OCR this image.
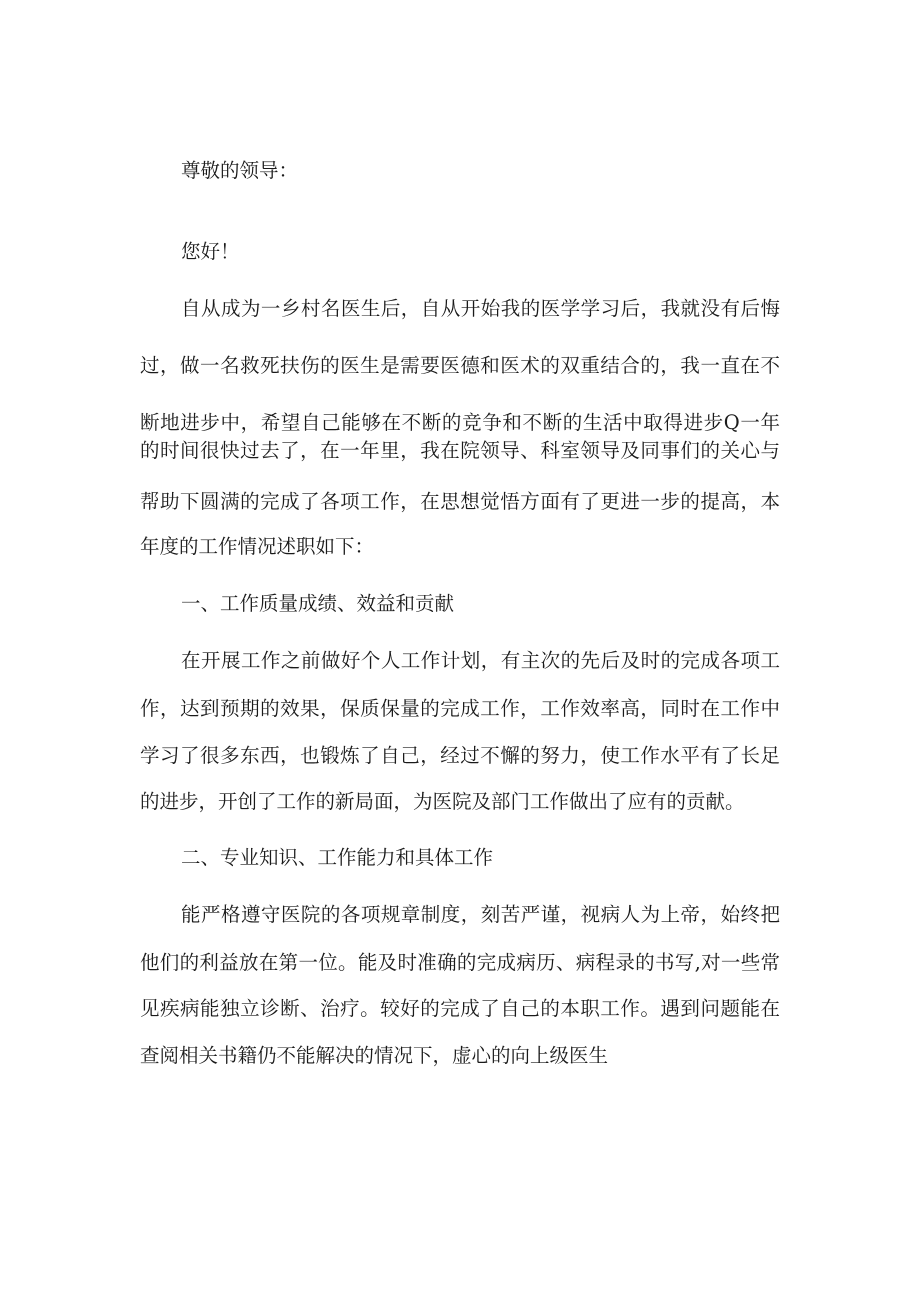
尊敬的领导：
您好！
自从成为一乡村名医生后，自从开始我的医学学习后，我就没有后悔
过，做一名救死扶伤的医生是需要医德和医术的双重结合的，我一直在不
断地进步中，希望自己能够在不断的竞争和不断的生活中取得进步Q一年
的时间很快过去了，在一年里，我在院领导、科室领导及同事们的关心与
帮助下圆满的完成了各项工作，在思想觉悟方面有了更进一步的提高，本
年度的工作情况述职如下：
一、工作质量成绩、效益和贡献
在开展工作之前做好个人工作计划，有主次的先后及时的完成各项工
作，达到预期的效果，保质保量的完成工作，工作效率高，同时在工作中
学习了很多东西，也锻炼了自己，经过不懈的努力，使工作水平有了长足
的进步，开创了工作的新局面，为医院及部门工作做出了应有的贡献。
二、专业知识、工作能力和具体工作
能严格遵守医院的各项规章制度，刻苦严谨，视病人为上帝，始终把
他们的利益放在第一位。能及时准确的完成病历、病程录的书写,对一些常
见疾病能独立诊断、治疗。较好的完成了自己的本职工作。遇到问题能在
查阅相关书籍仍不能解决的情况下，虚心的向上级医生
